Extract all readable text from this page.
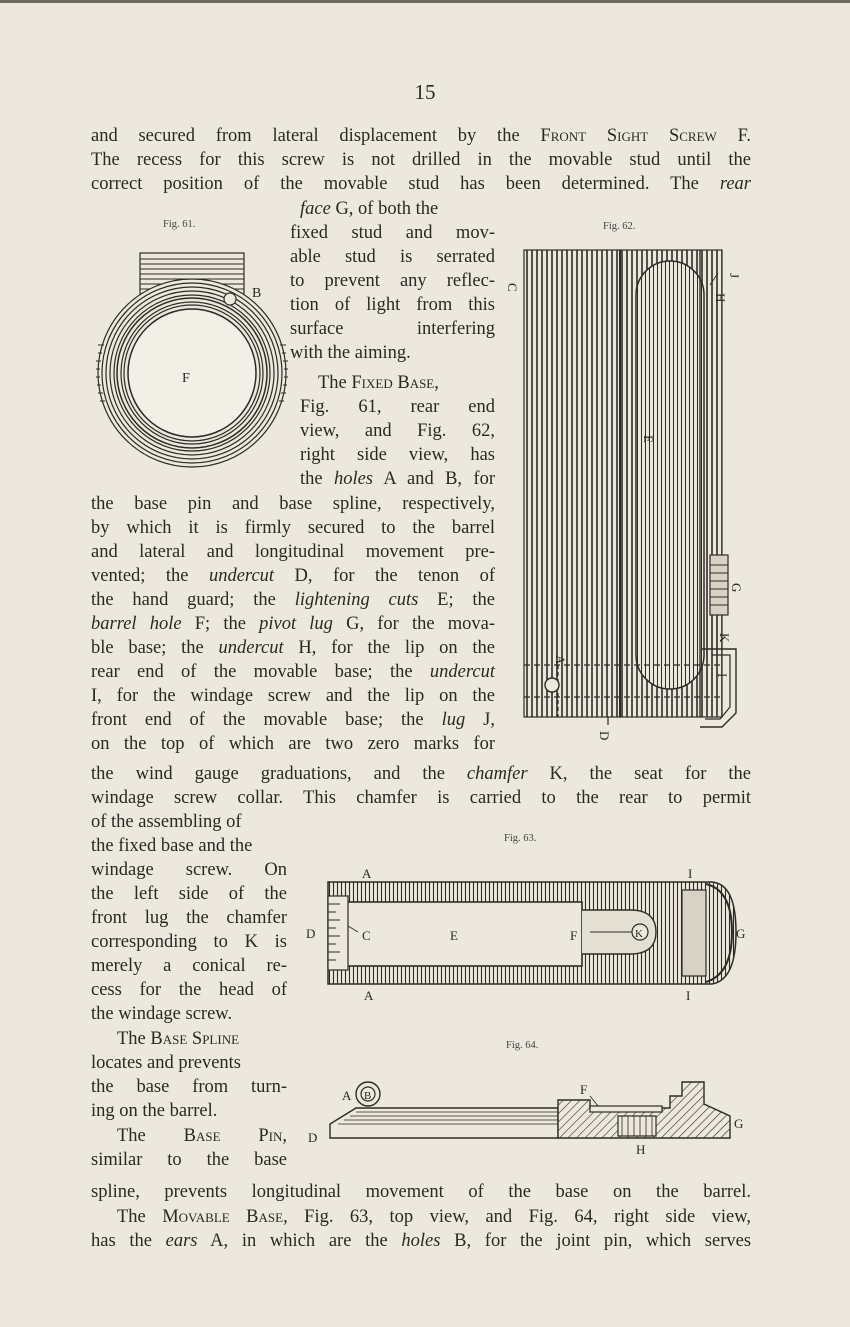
15
and secured from lateral displacement by the Front Sight Screw F.
The recess for this screw is not drilled in the movable stud until the
correct position of the movable stud has been determined. The rear
face G, of both the
fixed stud and mov-
able stud is serrated
to prevent any reflec-
tion of light from this
surface interfering
with the aiming.
The Fixed Base,
Fig. 61, rear end
view, and Fig. 62,
right side view, has
the holes A and B, for
the base pin and base spline, respectively,
by which it is firmly secured to the barrel
and lateral and longitudinal movement pre-
vented; the undercut D, for the tenon of
the hand guard; the lightening cuts E; the
barrel hole F; the pivot lug G, for the mova-
ble base; the undercut H, for the lip on the
rear end of the movable base; the undercut
I, for the windage screw and the lip on the
front end of the movable base; the lug J,
on the top of which are two zero marks for
the wind gauge graduations, and the chamfer K, the seat for the
windage screw collar. This chamfer is carried to the rear to permit
of the assembling of
the fixed base and the
windage screw. On
the left side of the
front lug the chamfer
corresponding to K is
merely a conical re-
cess for the head of
the windage screw.
The Base Spline
locates and prevents
the base from turn-
ing on the barrel.
The Base Pin,
similar to the base
spline, prevents longitudinal movement of the base on the barrel.
The Movable Base, Fig. 63, top view, and Fig. 64, right side view,
has the ears A, in which are the holes B, for the joint pin, which serves
Fig. 61.	Fig. 62.
Fig. 63.
Fig. 64.
B
F
J
H
C
E
G
K
I
A
D
A	I
D	C	E	F	K	G
A	I
A B	F
D
G
H
